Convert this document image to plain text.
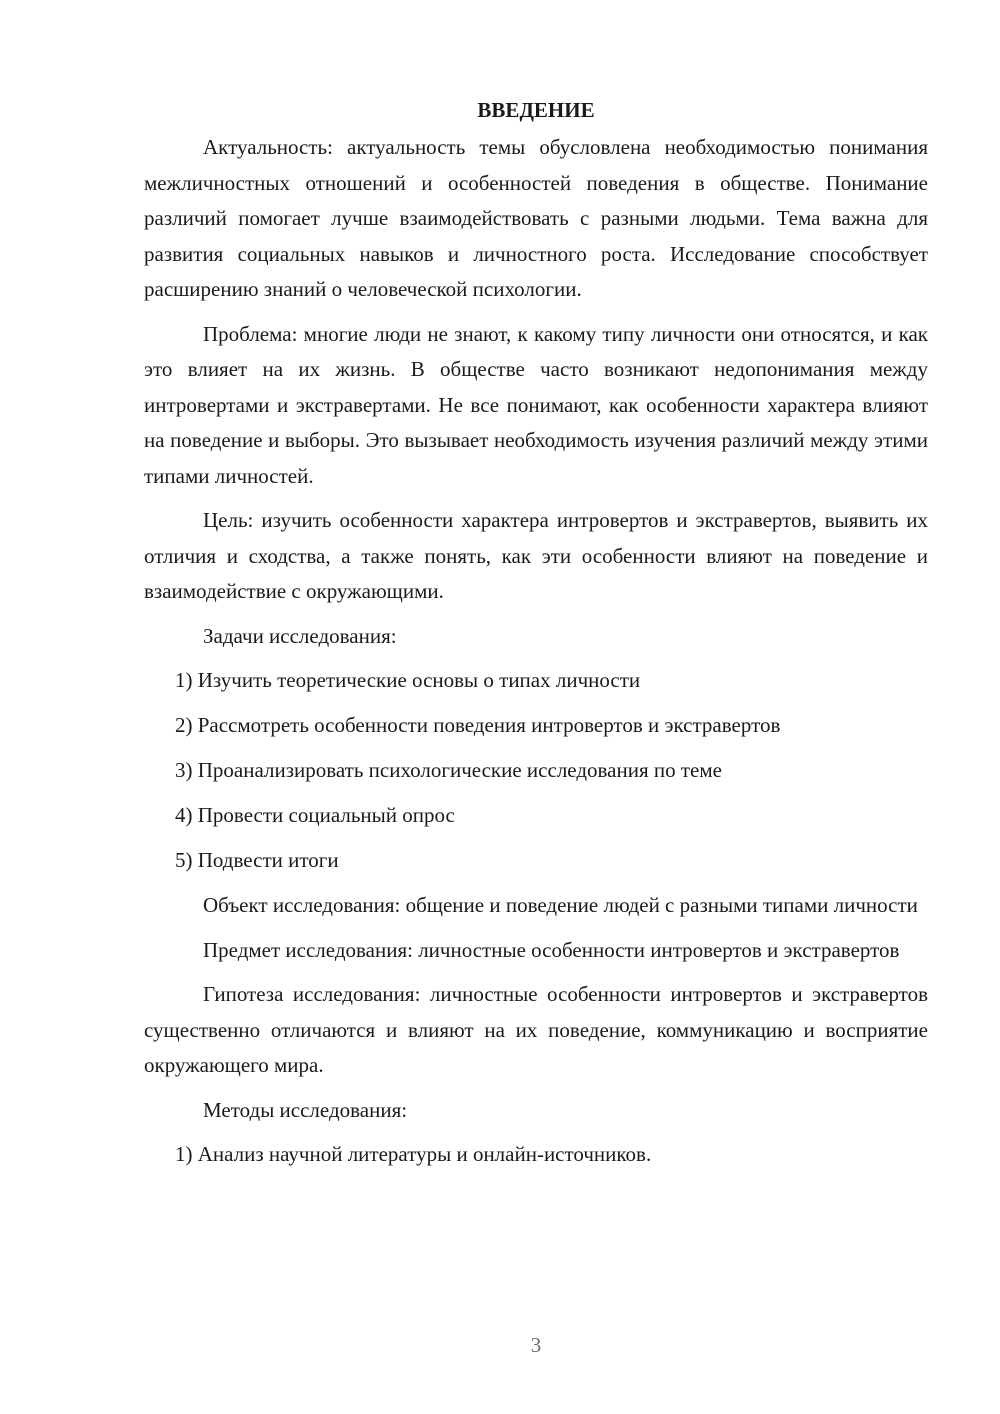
ВВЕДЕНИЕ

Актуальность: актуальность темы обусловлена необходимостью понимания межличностных отношений и особенностей поведения в обществе. Понимание различий помогает лучше взаимодействовать с разными людьми. Тема важна для развития социальных навыков и личностного роста. Исследование способствует расширению знаний о человеческой психологии.

Проблема: многие люди не знают, к какому типу личности они относятся, и как это влияет на их жизнь. В обществе часто возникают недопонимания между интровертами и экстравертами. Не все понимают, как особенности характера влияют на поведение и выборы. Это вызывает необходимость изучения различий между этими типами личностей.

Цель: изучить особенности характера интровертов и экстравертов, выявить их отличия и сходства, а также понять, как эти особенности влияют на поведение и взаимодействие с окружающими.

Задачи исследования:

1) Изучить теоретические основы о типах личности
2) Рассмотреть особенности поведения интровертов и экстравертов
3) Проанализировать психологические исследования по теме
4) Провести социальный опрос
5) Подвести итоги

Объект исследования: общение и поведение людей с разными типами личности

Предмет исследования: личностные особенности интровертов и экстравертов

Гипотеза исследования: личностные особенности интровертов и экстравертов существенно отличаются и влияют на их поведение, коммуникацию и восприятие окружающего мира.

Методы исследования:

1) Анализ научной литературы и онлайн-источников.
3
